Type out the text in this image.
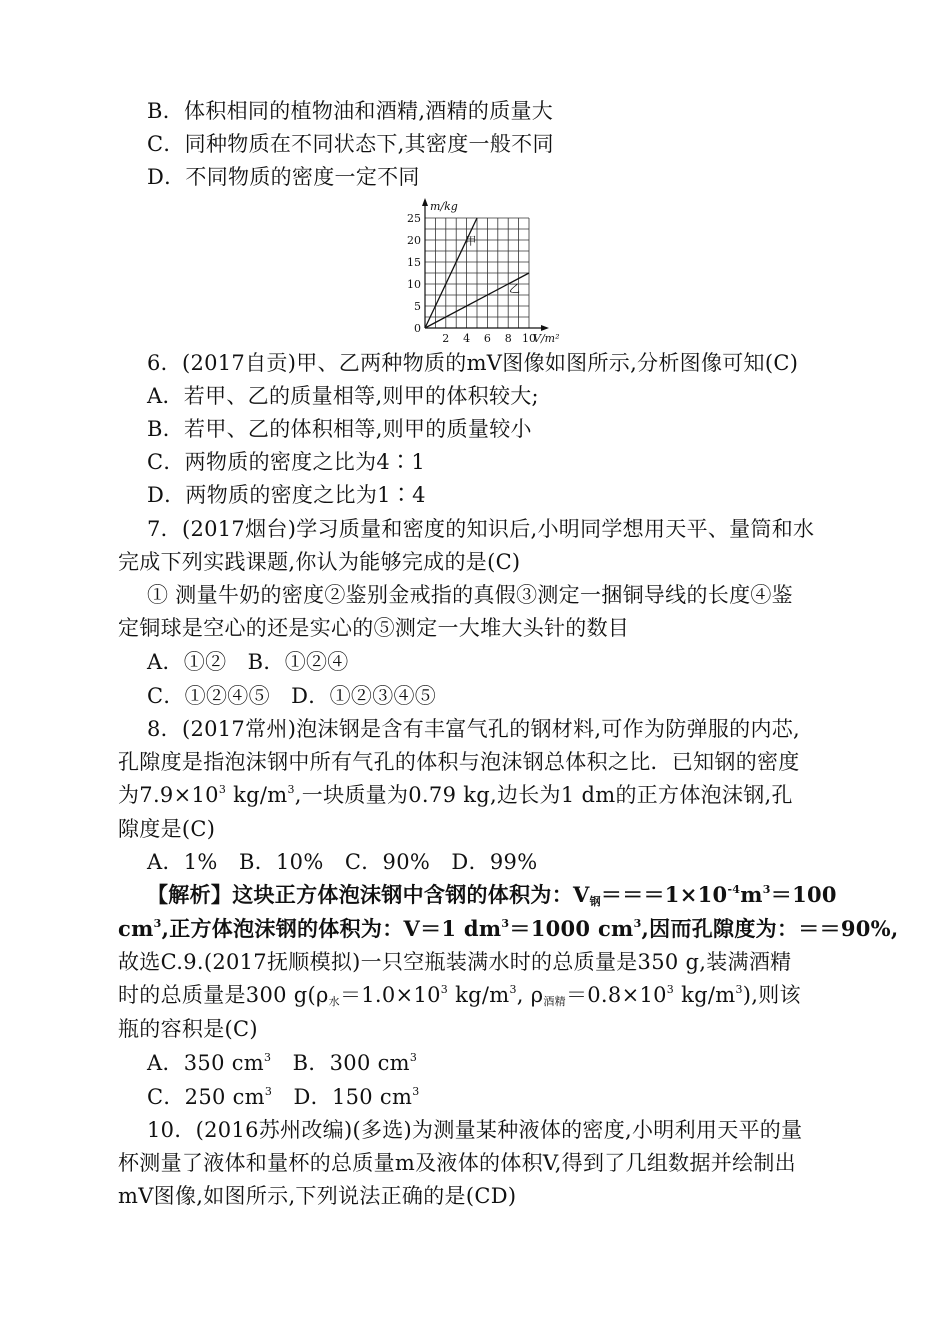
B．体积相同的植物油和酒精,酒精的质量大
C．同种物质在不同状态下,其密度一般不同
D．不同物质的密度一定不同
m/kg
V/m²
0
5
10
15
20
25
2 4 6 8 10
甲
乙
6．(2017自贡)甲、乙两种物质的mV图像如图所示,分析图像可知(C)
A．若甲、乙的质量相等,则甲的体积较大;
B．若甲、乙的体积相等,则甲的质量较小
C．两物质的密度之比为4∶1
D．两物质的密度之比为1∶4
7．(2017烟台)学习质量和密度的知识后,小明同学想用天平、量筒和水
完成下列实践课题,你认为能够完成的是(C)
① 测量牛奶的密度②鉴别金戒指的真假③测定一捆铜导线的长度④鉴
定铜球是空心的还是实心的⑤测定一大堆大头针的数目
A．①②　B．①②④
C．①②④⑤　D．①②③④⑤
8．(2017常州)泡沫钢是含有丰富气孔的钢材料,可作为防弹服的内芯,
孔隙度是指泡沫钢中所有气孔的体积与泡沫钢总体积之比．已知钢的密度
为$7.9\times 10^3$ $kg/m^3$,一块质量为0.79 kg,边长为1 dm的正方体泡沫钢,孔
隙度是(C)
A．1%　B．10%　C．90%　D．99%
【解析】这块正方体泡沫钢中含钢的体积为：$V_钢===1\times 10^{-4}m^3=100$
$cm^3$,正方体泡沫钢的体积为：V＝1 $dm^3=1000$ $cm^3$,因而孔隙度为：＝＝90%,
故选C.9.(2017抚顺模拟)一只空瓶装满水时的总质量是350 g,装满酒精
时的总质量是300 $g(\rho_水=1.0\times 10^3$ $kg/m^3$, $\rho_{酒精}=0.8\times 10^3$ $kg/m^3$),则该
瓶的容积是(C)
A．350 $cm^3$　B．300 $cm^3$
C．250 $cm^3$　D．150 $cm^3$
10．(2016苏州改编)(多选)为测量某种液体的密度,小明利用天平的量
杯测量了液体和量杯的总质量m及液体的体积V,得到了几组数据并绘制出
mV图像,如图所示,下列说法正确的是(CD)
